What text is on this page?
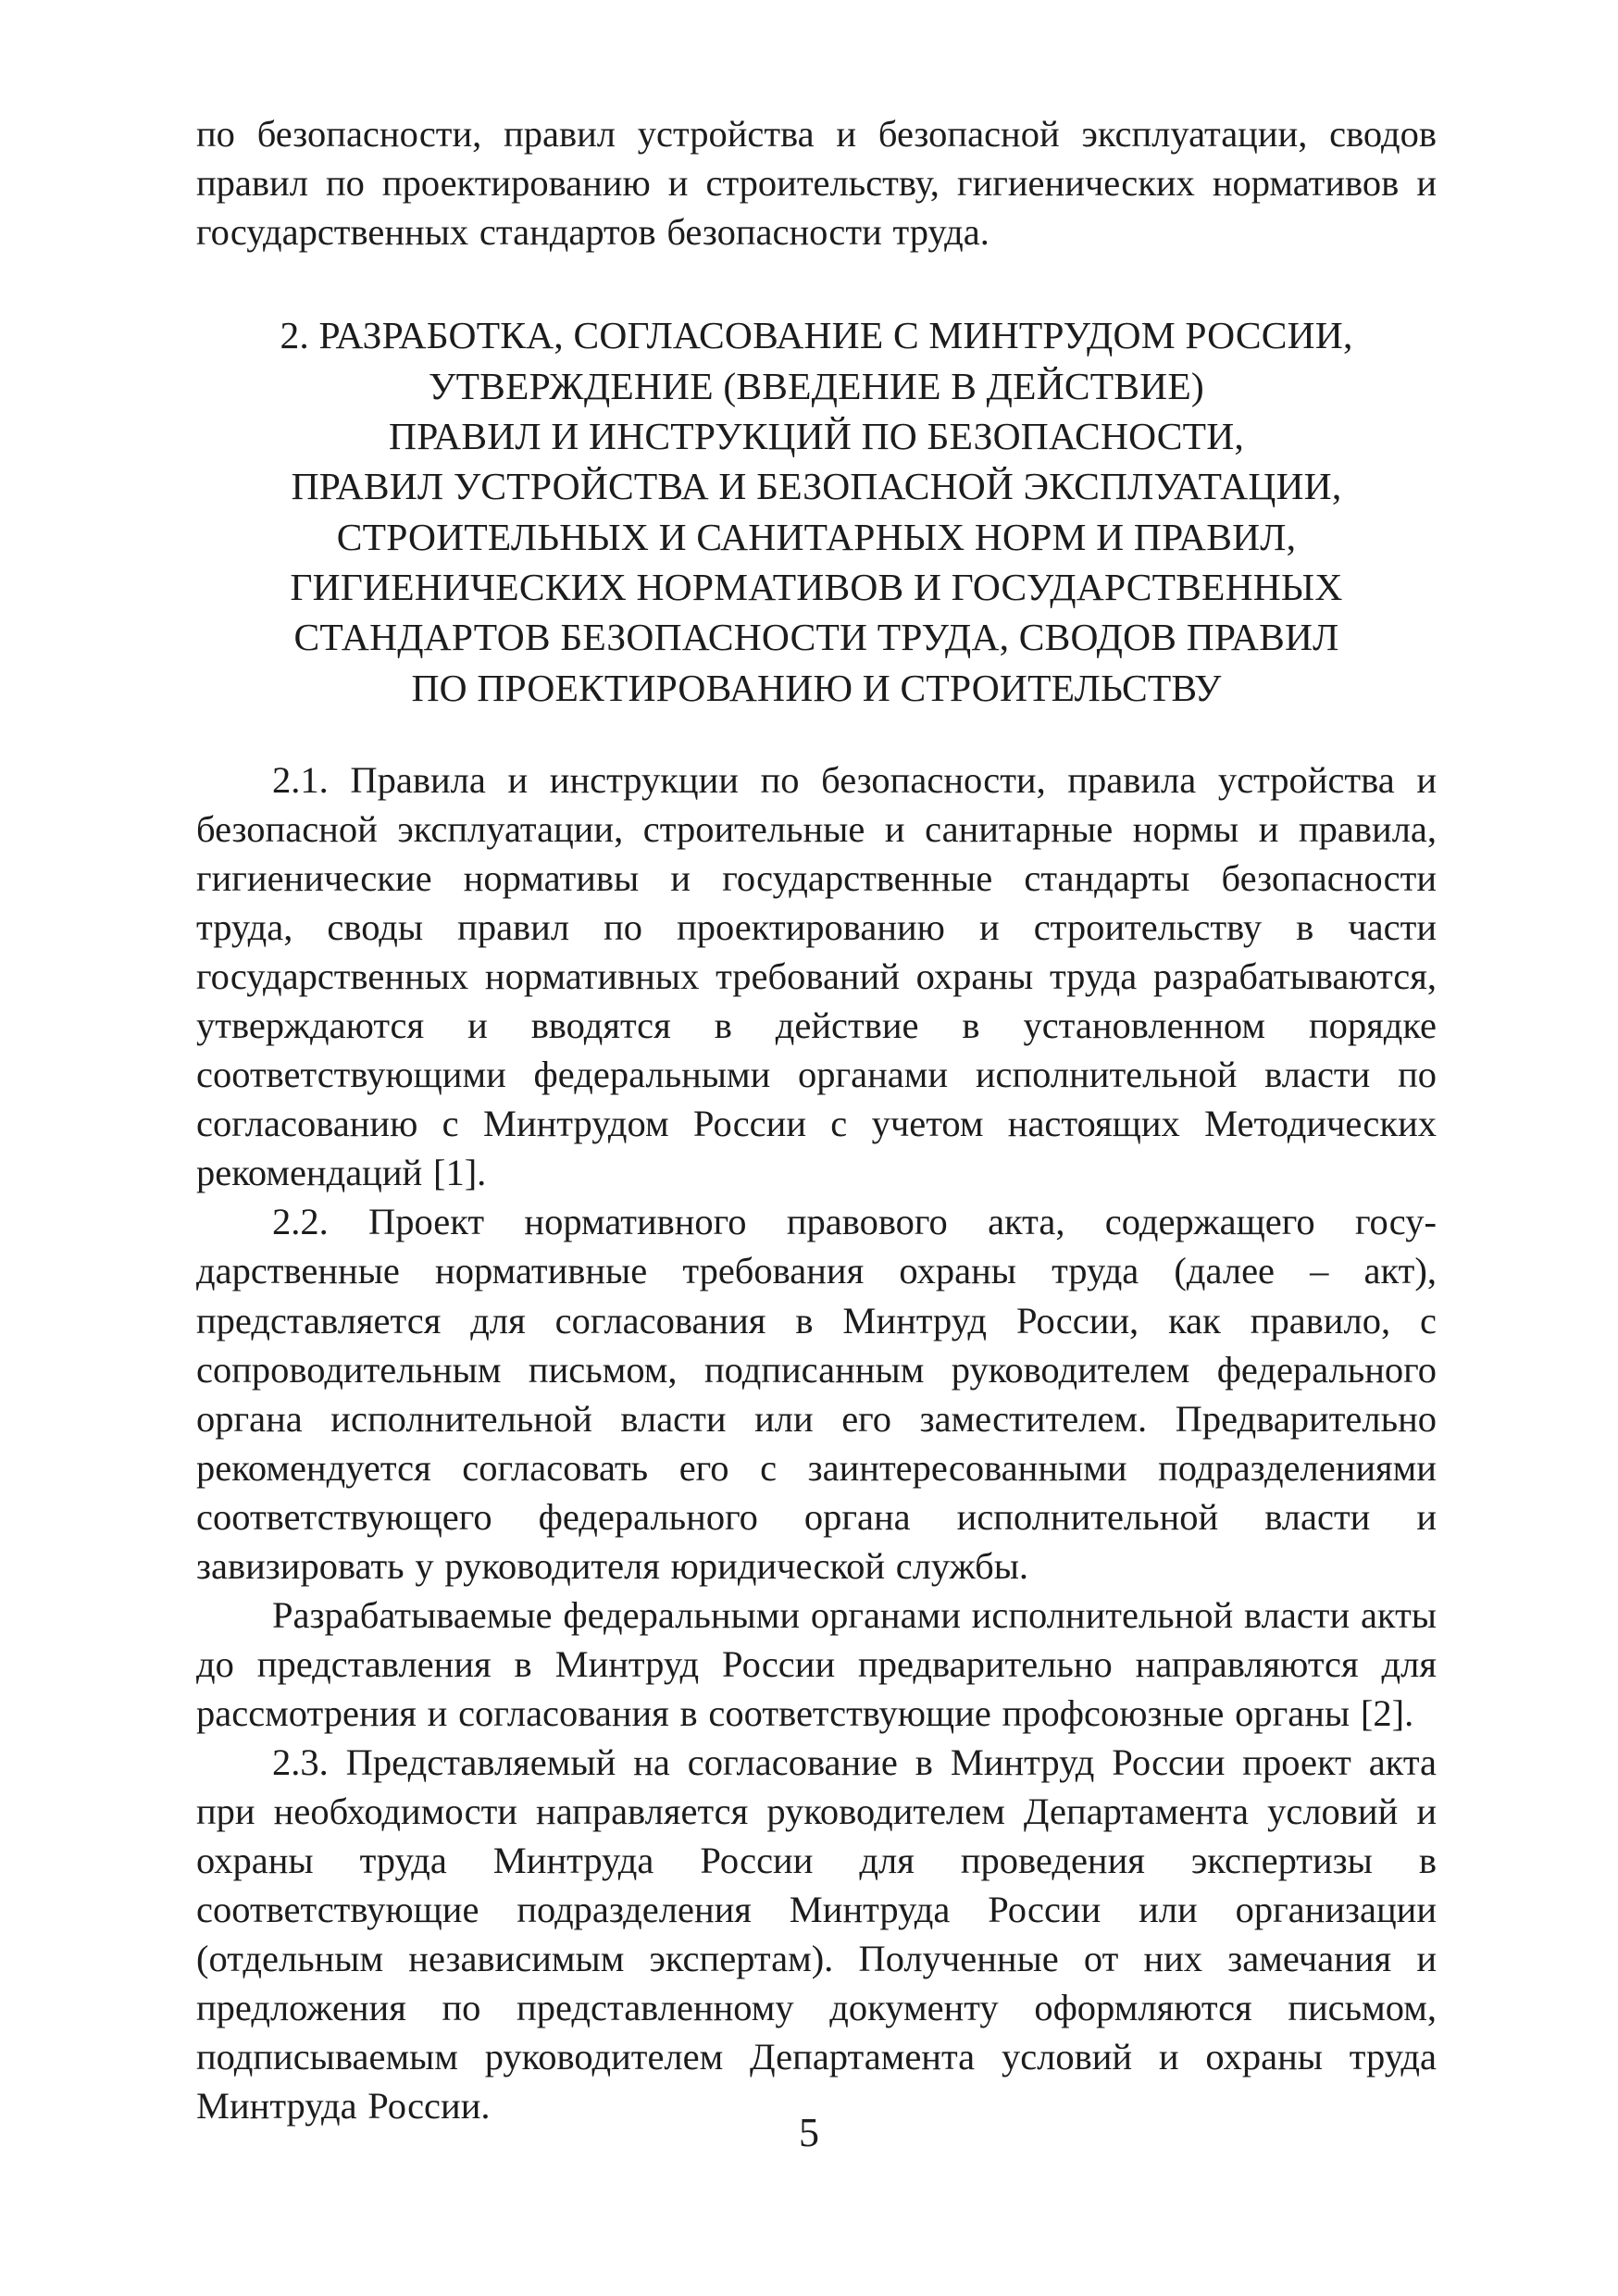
по безопасности, правил устройства и безопасной эксплуатации, сводов правил по проектированию и строительству, гигиенических нормативов и государственных стандартов безопасности труда.

2. РАЗРАБОТКА, СОГЛАСОВАНИЕ С МИНТРУДОМ РОССИИ,
УТВЕРЖДЕНИЕ (ВВЕДЕНИЕ В ДЕЙСТВИЕ)
ПРАВИЛ И ИНСТРУКЦИЙ ПО БЕЗОПАСНОСТИ,
ПРАВИЛ УСТРОЙСТВА И БЕЗОПАСНОЙ ЭКСПЛУАТАЦИИ,
СТРОИТЕЛЬНЫХ И САНИТАРНЫХ НОРМ И ПРАВИЛ,
ГИГИЕНИЧЕСКИХ НОРМАТИВОВ И ГОСУДАРСТВЕННЫХ
СТАНДАРТОВ БЕЗОПАСНОСТИ ТРУДА, СВОДОВ ПРАВИЛ
ПО ПРОЕКТИРОВАНИЮ И СТРОИТЕЛЬСТВУ

2.1. Правила и инструкции по безопасности, правила устройства и безопасной эксплуатации, строительные и санитарные нормы и правила, гигиенические нормативы и государственные стандарты безопасности труда, своды правил по проектированию и строительству в части государственных нормативных требований охраны труда разрабатываются, утверждаются и вводятся в действие в установленном порядке соответствующими федеральными органами исполнительной власти по согласованию с Минтрудом России с учетом настоящих Методических рекомендаций [1].

2.2. Проект нормативного правового акта, содержащего государственные нормативные требования охраны труда (далее – акт), представляется для согласования в Минтруд России, как правило, с сопроводительным письмом, подписанным руководителем федерального органа исполнительной власти или его заместителем. Предварительно рекомендуется согласовать его с заинтересованными подразделениями соответствующего федерального органа исполнительной власти и завизировать у руководителя юридической службы.

Разрабатываемые федеральными органами исполнительной власти акты до представления в Минтруд России предварительно направляются для рассмотрения и согласования в соответствующие профсоюзные органы [2].

2.3. Представляемый на согласование в Минтруд России проект акта при необходимости направляется руководителем Департамента условий и охраны труда Минтруда России для проведения экспертизы в соответствующие подразделения Минтруда России или организации (отдельным независимым экспертам). Полученные от них замечания и предложения по представленному документу оформляются письмом, подписываемым руководителем Департамента условий и охраны труда Минтруда России.

5
